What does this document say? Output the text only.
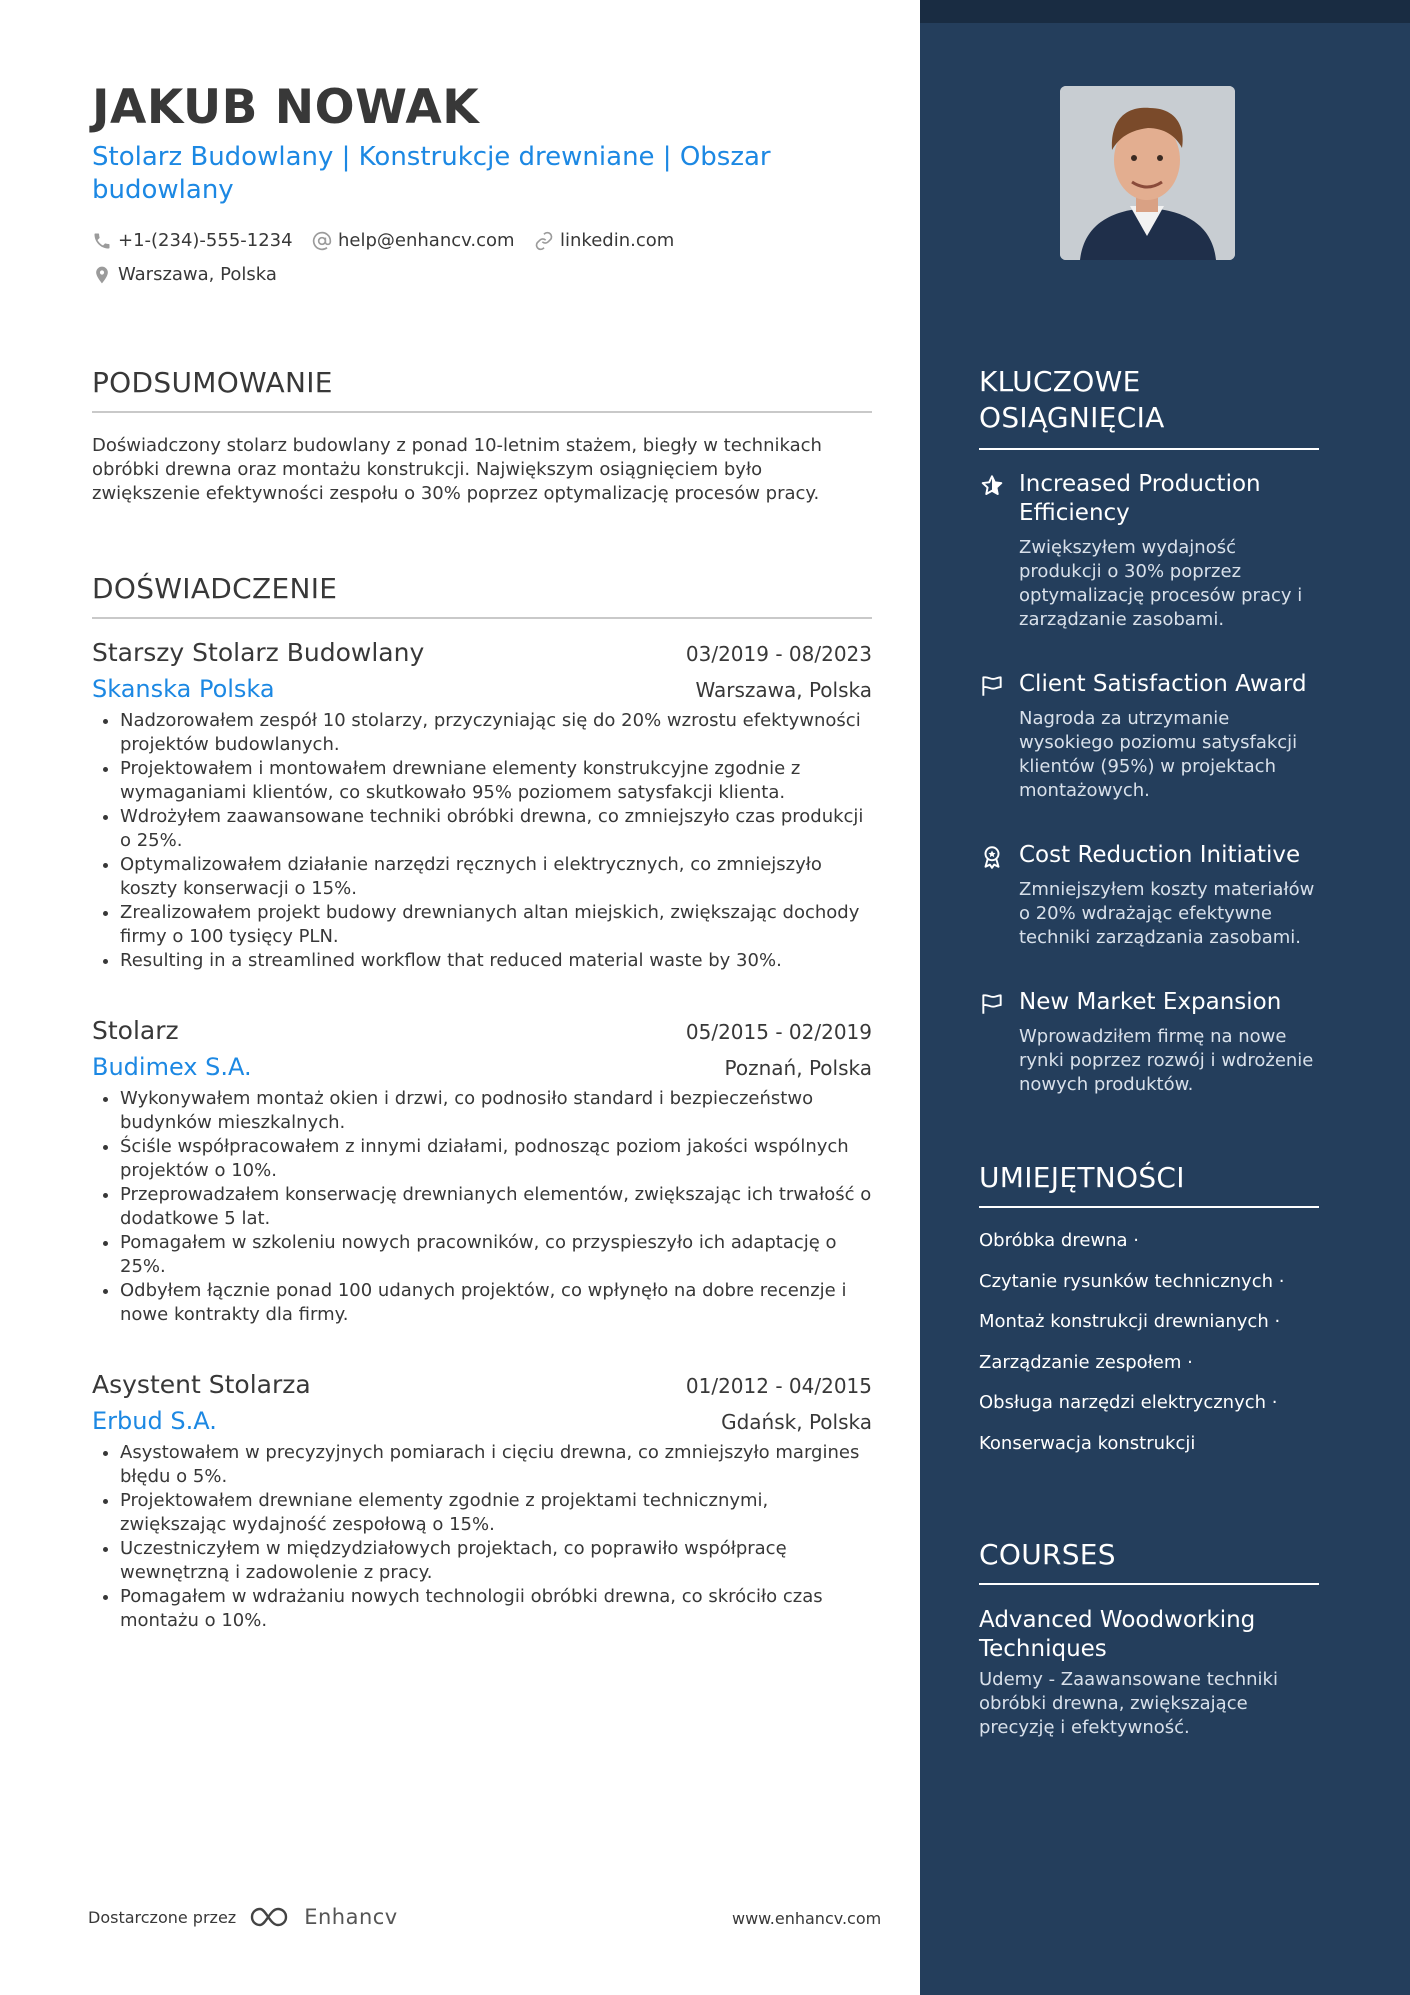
JAKUB NOWAK

Stolarz Budowlany | Konstrukcje drewniane | Obszar budowlany

+1-(234)-555-1234	help@enhancv.com	linkedin.com
Warszawa, Polska
PODSUMOWANIE

Doświadczony stolarz budowlany z ponad 10-letnim stażem, biegły w technikach obróbki drewna oraz montażu konstrukcji. Największym osiągnięciem było zwiększenie efektywności zespołu o 30% poprzez optymalizację procesów pracy.

DOŚWIADCZENIE
Starszy Stolarz Budowlany	03/2019 - 08/2023
Skanska Polska	Warszawa, Polska
• Nadzorowałem zespół 10 stolarzy, przyczyniając się do 20% wzrostu efektywności projektów budowlanych.
• Projektowałem i montowałem drewniane elementy konstrukcyjne zgodnie z wymaganiami klientów, co skutkowało 95% poziomem satysfakcji klienta.
• Wdrożyłem zaawansowane techniki obróbki drewna, co zmniejszyło czas produkcji o 25%.
• Optymalizowałem działanie narzędzi ręcznych i elektrycznych, co zmniejszyło koszty konserwacji o 15%.
• Zrealizowałem projekt budowy drewnianych altan miejskich, zwiększając dochody firmy o 100 tysięcy PLN.
• Resulting in a streamlined workflow that reduced material waste by 30%.
Stolarz	05/2015 - 02/2019
Budimex S.A.	Poznań, Polska
• Wykonywałem montaż okien i drzwi, co podnosiło standard i bezpieczeństwo budynków mieszkalnych.
• Ściśle współpracowałem z innymi działami, podnosząc poziom jakości wspólnych projektów o 10%.
• Przeprowadzałem konserwację drewnianych elementów, zwiększając ich trwałość o dodatkowe 5 lat.
• Pomagałem w szkoleniu nowych pracowników, co przyspieszyło ich adaptację o 25%.
• Odbyłem łącznie ponad 100 udanych projektów, co wpłynęło na dobre recenzje i nowe kontrakty dla firmy.
Asystent Stolarza	01/2012 - 04/2015
Erbud S.A.	Gdańsk, Polska
• Asystowałem w precyzyjnych pomiarach i cięciu drewna, co zmniejszyło margines błędu o 5%.
• Projektowałem drewniane elementy zgodnie z projektami technicznymi, zwiększając wydajność zespołową o 15%.
• Uczestniczyłem w międzydziałowych projektach, co poprawiło współpracę wewnętrzną i zadowolenie z pracy.
• Pomagałem w wdrażaniu nowych technologii obróbki drewna, co skróciło czas montażu o 10%.
Dostarczone przez	Enhancv	www.enhancv.com
KLUCZOWE OSIĄGNIĘCIA

Increased Production Efficiency

Zwiększyłem wydajność produkcji o 30% poprzez optymalizację procesów pracy i zarządzanie zasobami.

Client Satisfaction Award

Nagroda za utrzymanie wysokiego poziomu satysfakcji klientów (95%) w projektach montażowych.

Cost Reduction Initiative

Zmniejszyłem koszty materiałów o 20% wdrażając efektywne techniki zarządzania zasobami.

New Market Expansion

Wprowadziłem firmę na nowe rynki poprzez rozwój i wdrożenie nowych produktów.

UMIEJĘTNOŚCI
Obróbka drewna ·
Czytanie rysunków technicznych ·
Montaż konstrukcji drewnianych ·
Zarządzanie zespołem ·
Obsługa narzędzi elektrycznych ·
Konserwacja konstrukcji
COURSES

Advanced Woodworking Techniques

Udemy - Zaawansowane techniki obróbki drewna, zwiększające precyzję i efektywność.
